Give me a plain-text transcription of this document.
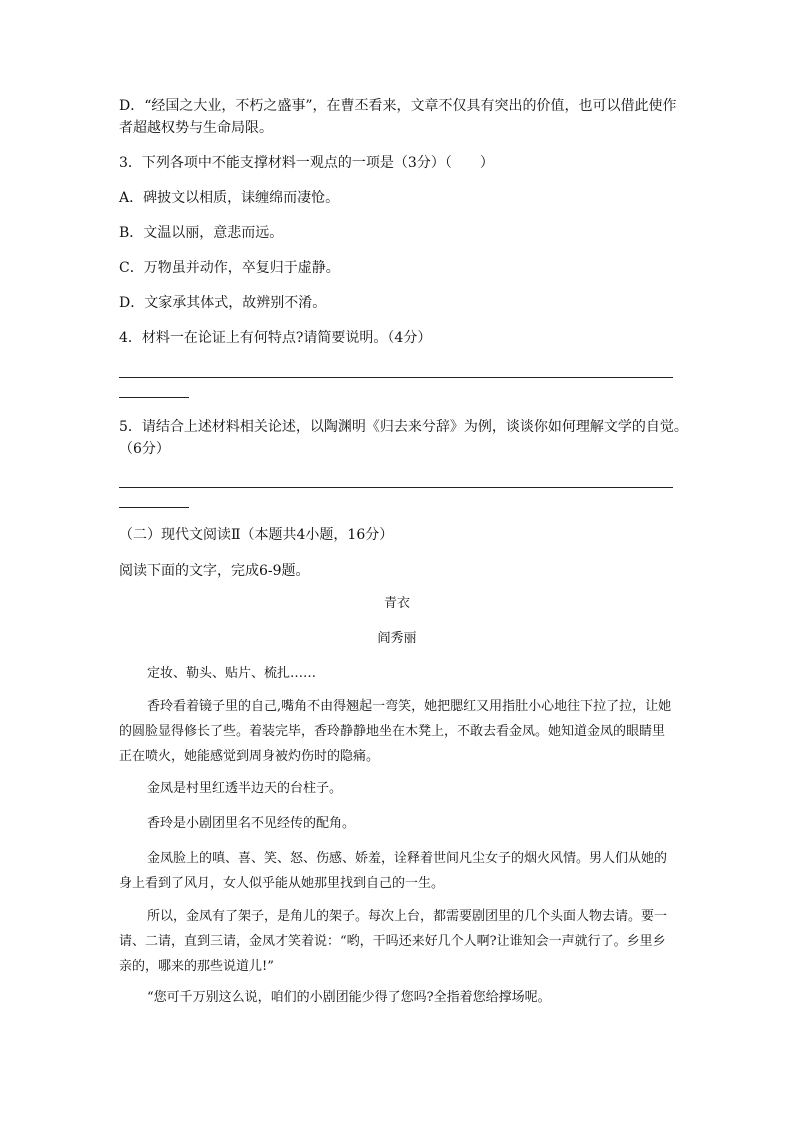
D．“经国之大业，不朽之盛事”，在曹丕看来，文章不仅具有突出的价值，也可以借此使作
者超越权势与生命局限。
3．下列各项中不能支撑材料一观点的一项是（3分）（　　）
A．碑披文以相质，诔缠绵而凄怆。
B．文温以丽，意悲而远。
C．万物虽并动作，卒复归于虚静。
D．文家承其体式，故辨别不淆。
4．材料一在论证上有何特点?请简要说明。（4分）
5．请结合上述材料相关论述，以陶渊明《归去来兮辞》为例，谈谈你如何理解文学的自觉。
（6分）
（二）现代文阅读Ⅱ（本题共4小题，16分）
阅读下面的文字，完成6-9题。
青衣
阎秀丽
定妆、勒头、贴片、梳扎……
香玲看着镜子里的自己,嘴角不由得翘起一弯笑，她把腮红又用指肚小心地往下拉了拉，让她的圆脸显得修长了些。着装完毕，香玲静静地坐在木凳上，不敢去看金凤。她知道金凤的眼睛里正在喷火，她能感觉到周身被灼伤时的隐痛。
金凤是村里红透半边天的台柱子。
香玲是小剧团里名不见经传的配角。
金凤脸上的嗔、喜、笑、怒、伤感、娇羞，诠释着世间凡尘女子的烟火风情。男人们从她的身上看到了风月，女人似乎能从她那里找到自己的一生。
所以，金凤有了架子，是角儿的架子。每次上台，都需要剧团里的几个头面人物去请。要一请、二请，直到三请，金凤才笑着说：“哟，干吗还来好几个人啊?让谁知会一声就行了。乡里乡亲的，哪来的那些说道儿!”
“您可千万别这么说，咱们的小剧团能少得了您吗?全指着您给撑场呢。
